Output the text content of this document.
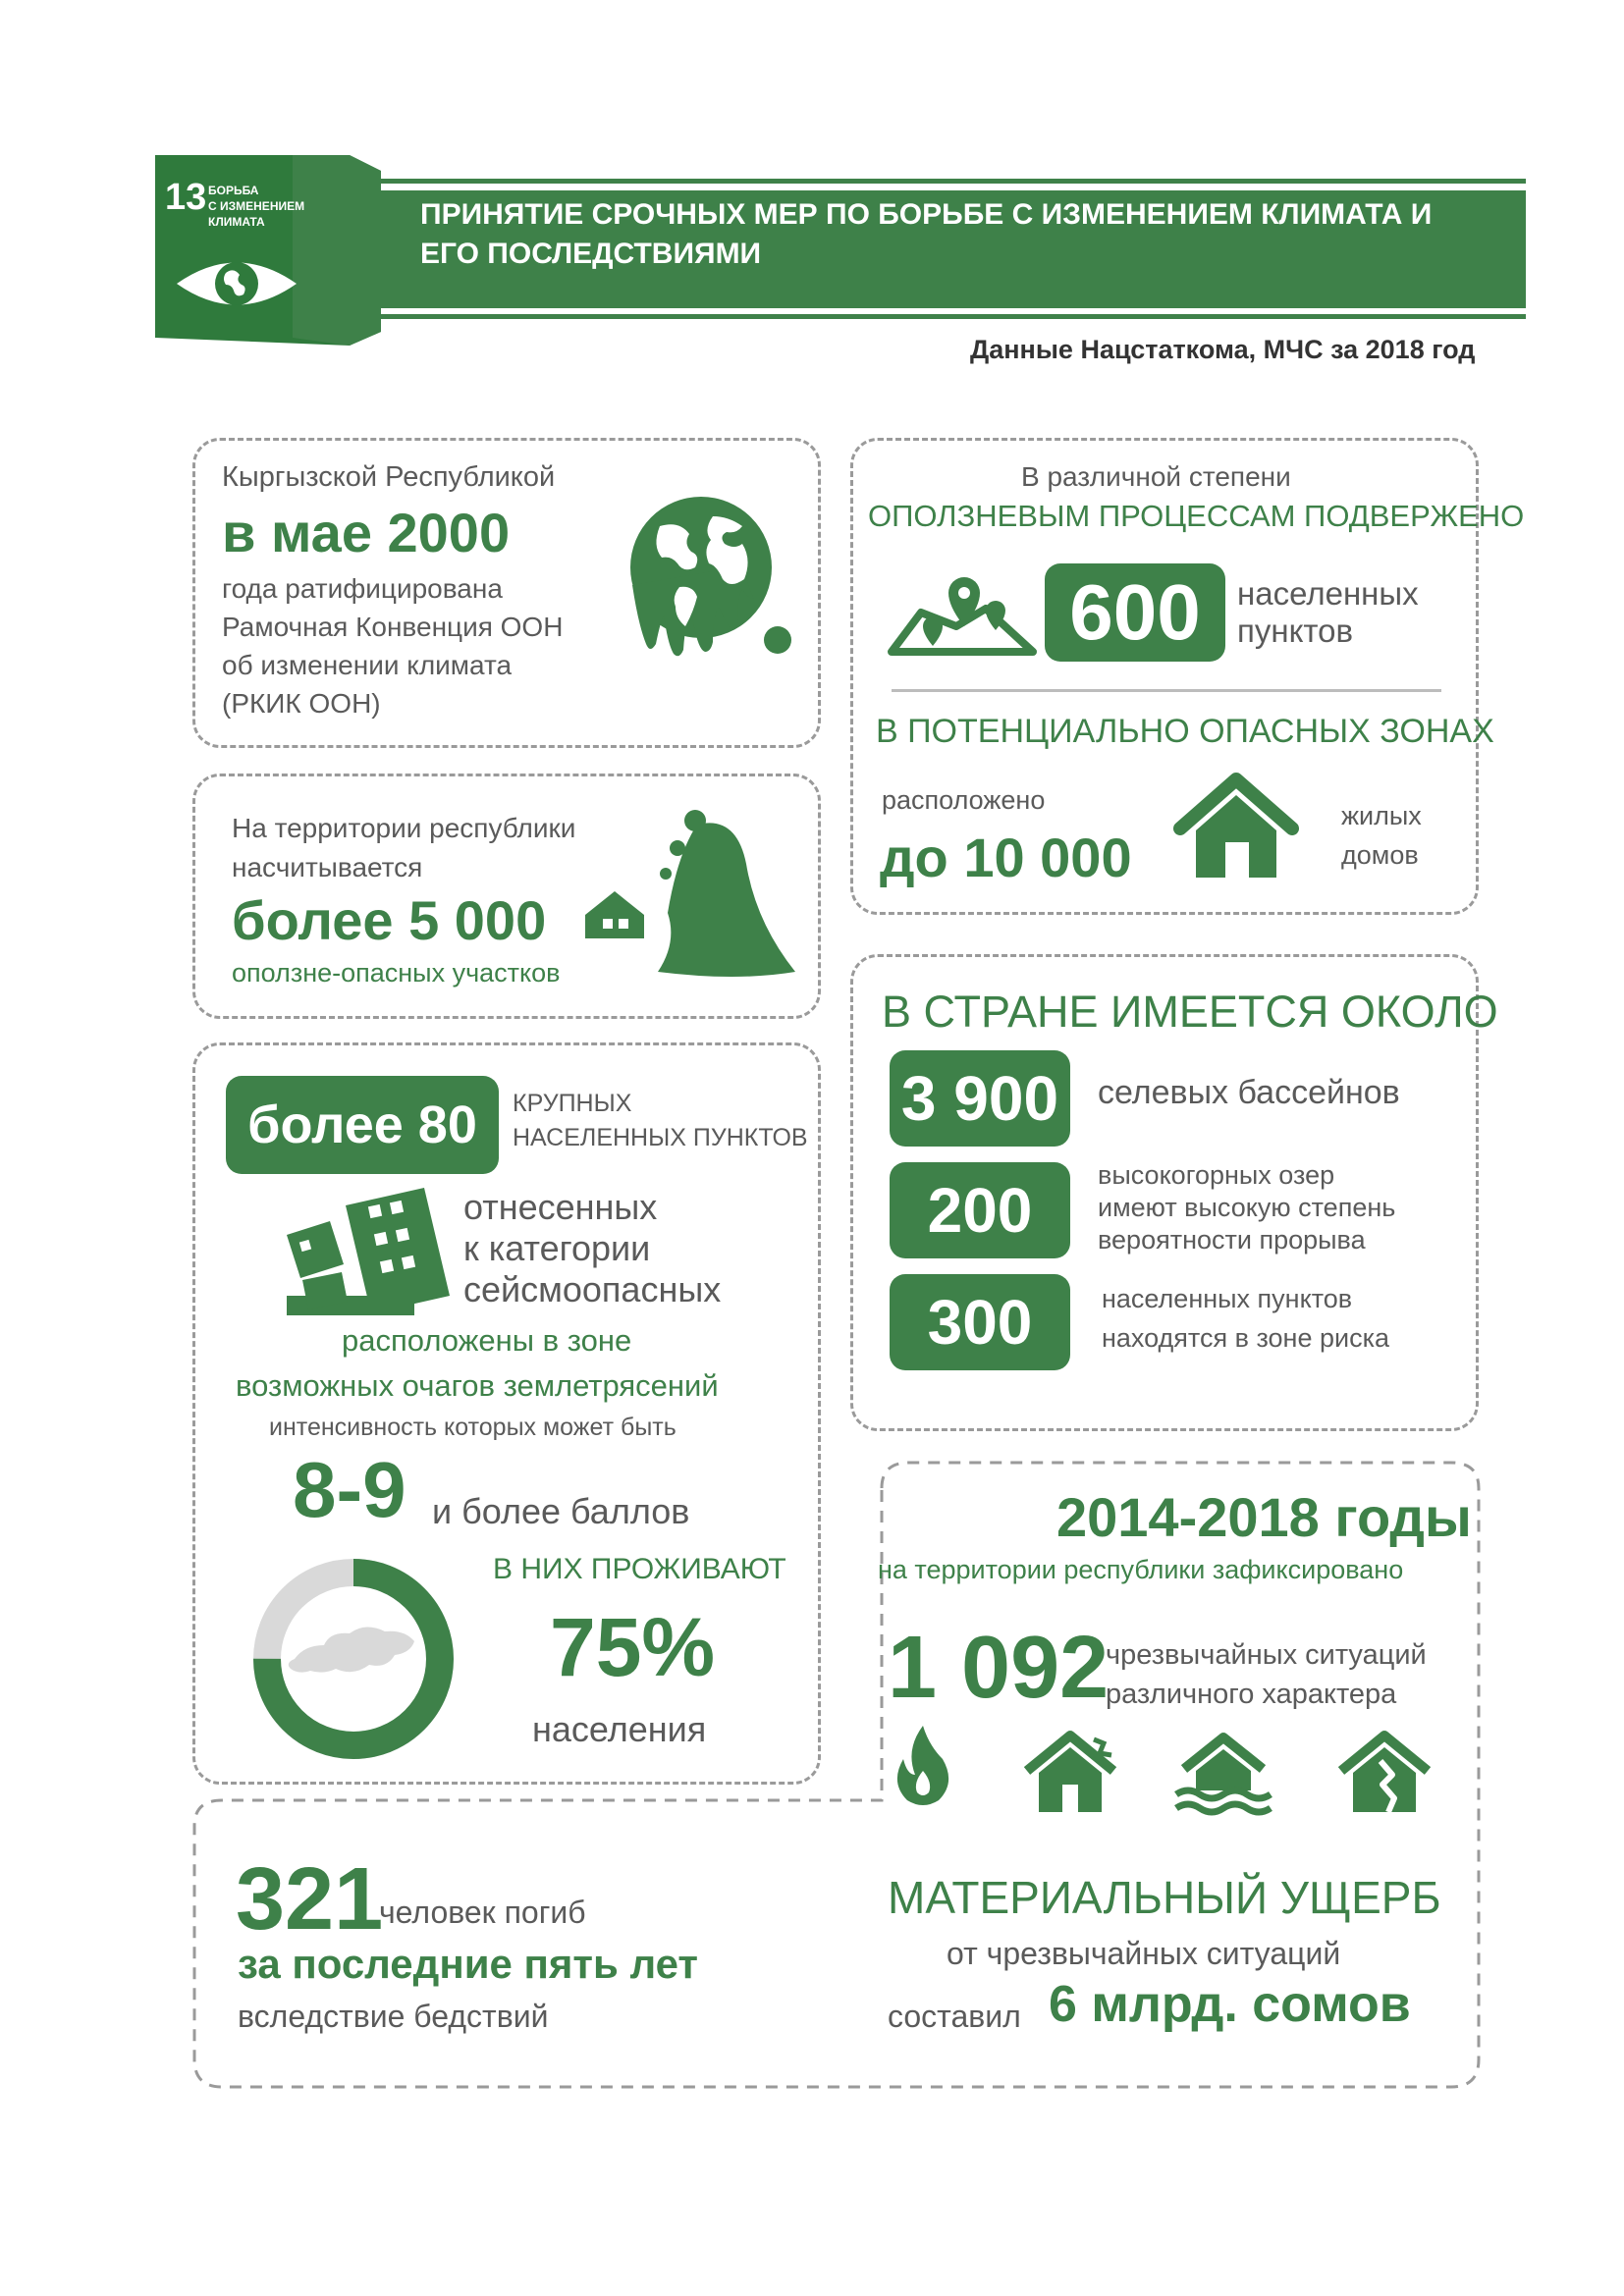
13 БОРЬБА
С ИЗМЕНЕНИЕМ
КЛИМАТА	ПРИНЯТИЕ СРОЧНЫХ МЕР ПО БОРЬБЕ С ИЗМЕНЕНИЕМ КЛИМАТА И
ЕГО ПОСЛЕДСТВИЯМИ
Данные Нацстаткома, МЧС за 2018 год
Кыргызской Республикой
в мае 2000
года ратифицирована
Рамочная Конвенция ООН
об изменении климата
(РКИК ООН)
На территории республики
насчитывается
более 5 000
оползне-опасных участков
более 80	КРУПНЫХ
НАСЕЛЕННЫХ ПУНКТОВ
отнесенных
к категории
сейсмоопасных
расположены в зоне
возможных очагов землетрясений
интенсивность которых может быть
8-9 и более баллов
В НИХ ПРОЖИВАЮТ
75%
населения
В различной степени
ОПОЛЗНЕВЫМ ПРОЦЕССАМ ПОДВЕРЖЕНО
600	населенных
пунктов
В ПОТЕНЦИАЛЬНО ОПАСНЫХ ЗОНАХ
расположено
до 10 000
жилых
домов
В СТРАНЕ ИМЕЕТСЯ ОКОЛО
3 900	селевых бассейнов
200	высокогорных озер
имеют высокую степень
вероятности прорыва
300	населенных пунктов
находятся в зоне риска
2014-2018 годы
на территории республики зафиксировано
1 092
чрезвычайных ситуаций
различного характера
321
человек погиб
за последние пять лет
вследствие бедствий
МАТЕРИАЛЬНЫЙ УЩЕРБ
от чрезвычайных ситуаций
составил 6 млрд. сомов
